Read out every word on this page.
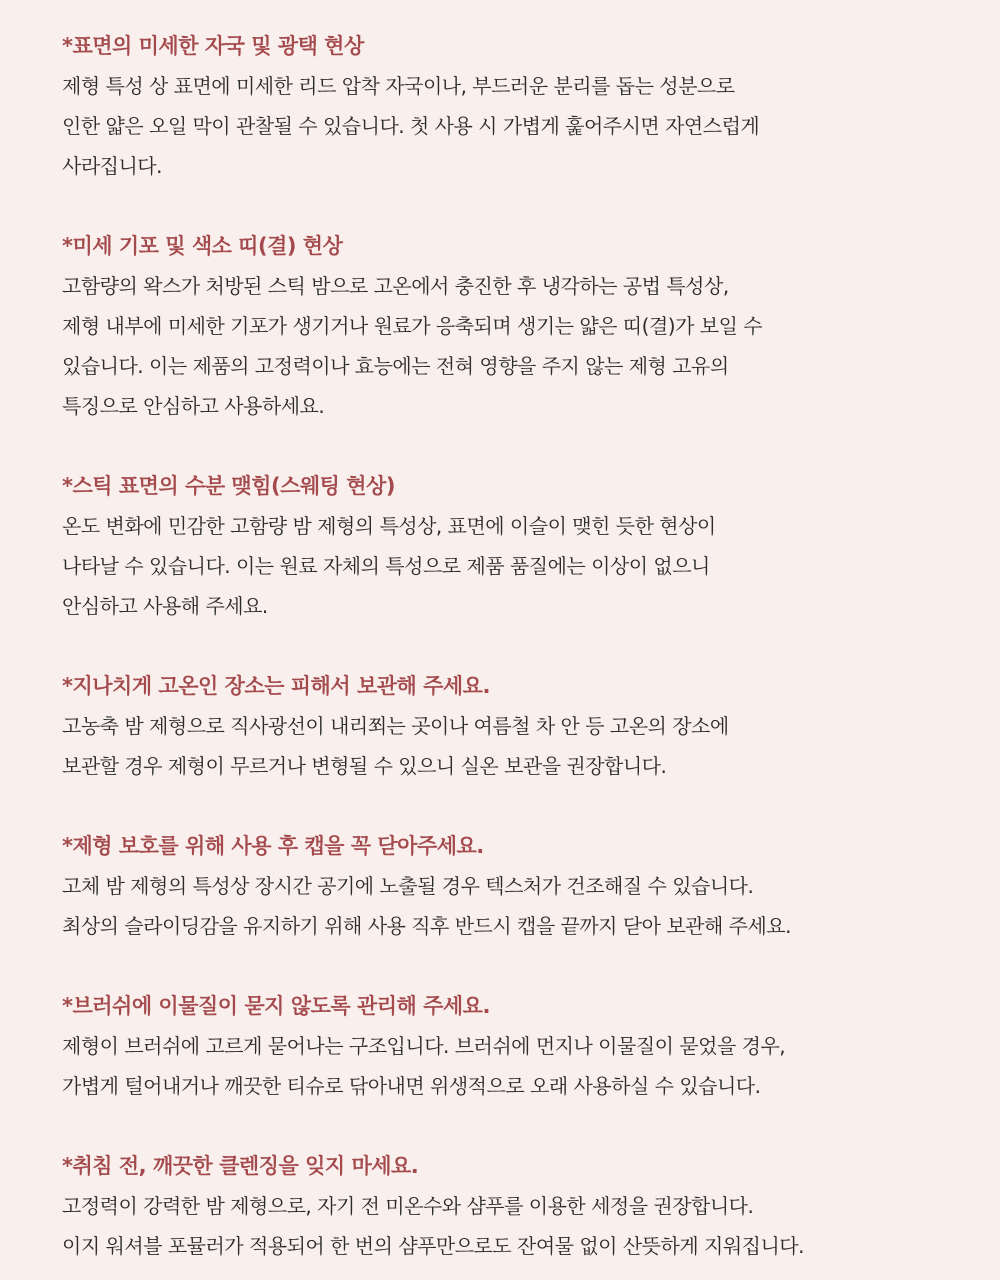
*표면의 미세한 자국 및 광택 현상
제형 특성 상 표면에 미세한 리드 압착 자국이나, 부드러운 분리를 돕는 성분으로
인한 얇은 오일 막이 관찰될 수 있습니다. 첫 사용 시 가볍게 훑어주시면 자연스럽게
사라집니다.
*미세 기포 및 색소 띠(결) 현상
고함량의 왁스가 처방된 스틱 밤으로 고온에서 충진한 후 냉각하는 공법 특성상,
제형 내부에 미세한 기포가 생기거나 원료가 응축되며 생기는 얇은 띠(결)가 보일 수
있습니다. 이는 제품의 고정력이나 효능에는 전혀 영향을 주지 않는 제형 고유의
특징으로 안심하고 사용하세요.
*스틱 표면의 수분 맺힘(스웨팅 현상)
온도 변화에 민감한 고함량 밤 제형의 특성상, 표면에 이슬이 맺힌 듯한 현상이
나타날 수 있습니다. 이는 원료 자체의 특성으로 제품 품질에는 이상이 없으니
안심하고 사용해 주세요.
*지나치게 고온인 장소는 피해서 보관해 주세요.
고농축 밤 제형으로 직사광선이 내리쬐는 곳이나 여름철 차 안 등 고온의 장소에
보관할 경우 제형이 무르거나 변형될 수 있으니 실온 보관을 권장합니다.
*제형 보호를 위해 사용 후 캡을 꼭 닫아주세요.
고체 밤 제형의 특성상 장시간 공기에 노출될 경우 텍스처가 건조해질 수 있습니다.
최상의 슬라이딩감을 유지하기 위해 사용 직후 반드시 캡을 끝까지 닫아 보관해 주세요.
*브러쉬에 이물질이 묻지 않도록 관리해 주세요.
제형이 브러쉬에 고르게 묻어나는 구조입니다. 브러쉬에 먼지나 이물질이 묻었을 경우,
가볍게 털어내거나 깨끗한 티슈로 닦아내면 위생적으로 오래 사용하실 수 있습니다.
*취침 전, 깨끗한 클렌징을 잊지 마세요.
고정력이 강력한 밤 제형으로, 자기 전 미온수와 샴푸를 이용한 세정을 권장합니다.
이지 워셔블 포뮬러가 적용되어 한 번의 샴푸만으로도 잔여물 없이 산뜻하게 지워집니다.
